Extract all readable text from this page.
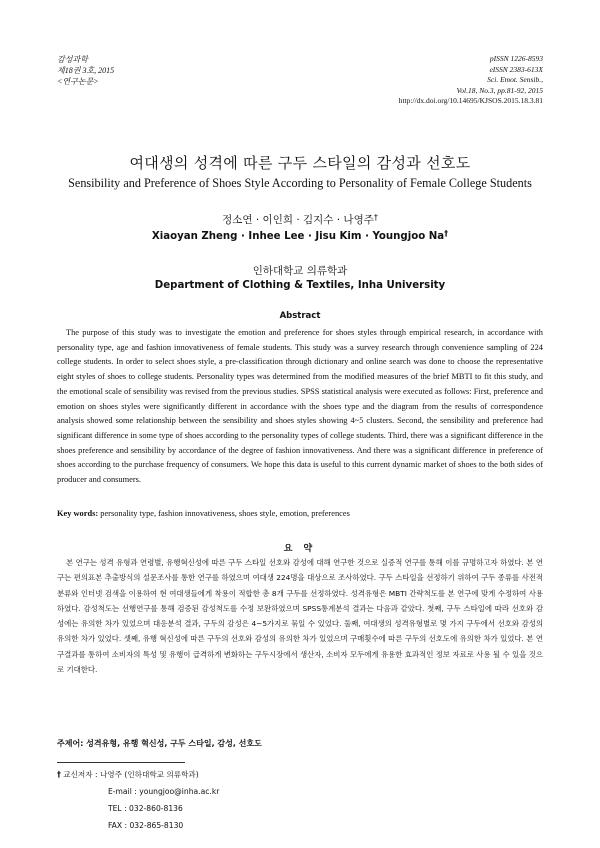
감성과학
제18권 3호, 2015
<연구논문>
pISSN 1226-8593
eISSN 2383-613X
Sci. Emot. Sensib.,
Vol.18, No.3, pp.81-92, 2015
http://dx.doi.org/10.14695/KJSOS.2015.18.3.81
여대생의 성격에 따른 구두 스타일의 감성과 선호도
Sensibility and Preference of Shoes Style According to Personality of Female College Students
정소연 · 이인희 · 김지수 · 나영주†
Xiaoyan Zheng · Inhee Lee · Jisu Kim · Youngjoo Na†
인하대학교 의류학과
Department of Clothing & Textiles, Inha University
Abstract

The purpose of this study was to investigate the emotion and preference for shoes styles through empirical research, in accordance with personality type, age and fashion innovativeness of female students. This study was a survey research through convenience sampling of 224 college students. In order to select shoes style, a pre-classification through dictionary and online search was done to choose the representative eight styles of shoes to college students. Personality types was determined from the modified measures of the brief MBTI to fit this study, and the emotional scale of sensibility was revised from the previous studies. SPSS statistical analysis were executed as follows: First, preference and emotion on shoes styles were significantly different in accordance with the shoes type and the diagram from the results of correspondence analysis showed some relationship between the sensibility and shoes styles showing 4~5 clusters. Second, the sensibility and preference had significant difference in some type of shoes according to the personality types of college students. Third, there was a significant difference in the shoes preference and sensibility by accordance of the degree of fashion innovativeness. And there was a significant difference in preference of shoes according to the purchase frequency of consumers. We hope this data is useful to this current dynamic market of shoes to the both sides of producer and consumers.

Key words: personality type, fashion innovativeness, shoes style, emotion, preferences
요 약

본 연구는 성격 유형과 연령별, 유행혁신성에 따른 구두 스타일 선호와 감성에 대해 연구한 것으로 실증적 연구를 통해 이를 규명하고자 하였다. 본 연구는 편의표본 추출방식의 설문조사를 통한 연구를 하였으며 여대생 224명을 대상으로 조사하였다. 구두 스타일을 선정하기 위하여 구두 종류를 사전적 분류와 인터넷 검색을 이용하여 현 여대생들에게 착용이 적합한 총 8개 구두를 선정하였다. 성격유형은 MBTI 간략척도를 본 연구에 맞게 수정하여 사용하였다. 감성척도는 선행연구를 통해 검증된 감성척도를 수정 보완하였으며 SPSS통계분석 결과는 다음과 같았다. 첫째, 구두 스타일에 따라 선호와 감성에는 유의한 차가 있었으며 대응분석 결과, 구두의 감성은 4~5가지로 묶일 수 있었다. 둘째, 여대생의 성격유형별로 몇 가지 구두에서 선호와 감성의 유의한 차가 있었다. 셋째, 유행 혁신성에 따른 구두의 선호와 감성의 유의한 차가 있었으며 구매횟수에 따른 구두의 선호도에 유의한 차가 있었다. 본 연구결과를 통하여 소비자의 특성 및 유행이 급격하게 변화하는 구두시장에서 생산자, 소비자 모두에게 유용한 효과적인 정보 자료로 사용 될 수 있을 것으로 기대한다.

주제어: 성격유형, 유행 혁신성, 구두 스타일, 감성, 선호도
† 교신저자 : 나영주 (인하대학교 의류학과)
E-mail : youngjoo@inha.ac.kr
TEL : 032-860-8136
FAX : 032-865-8130
